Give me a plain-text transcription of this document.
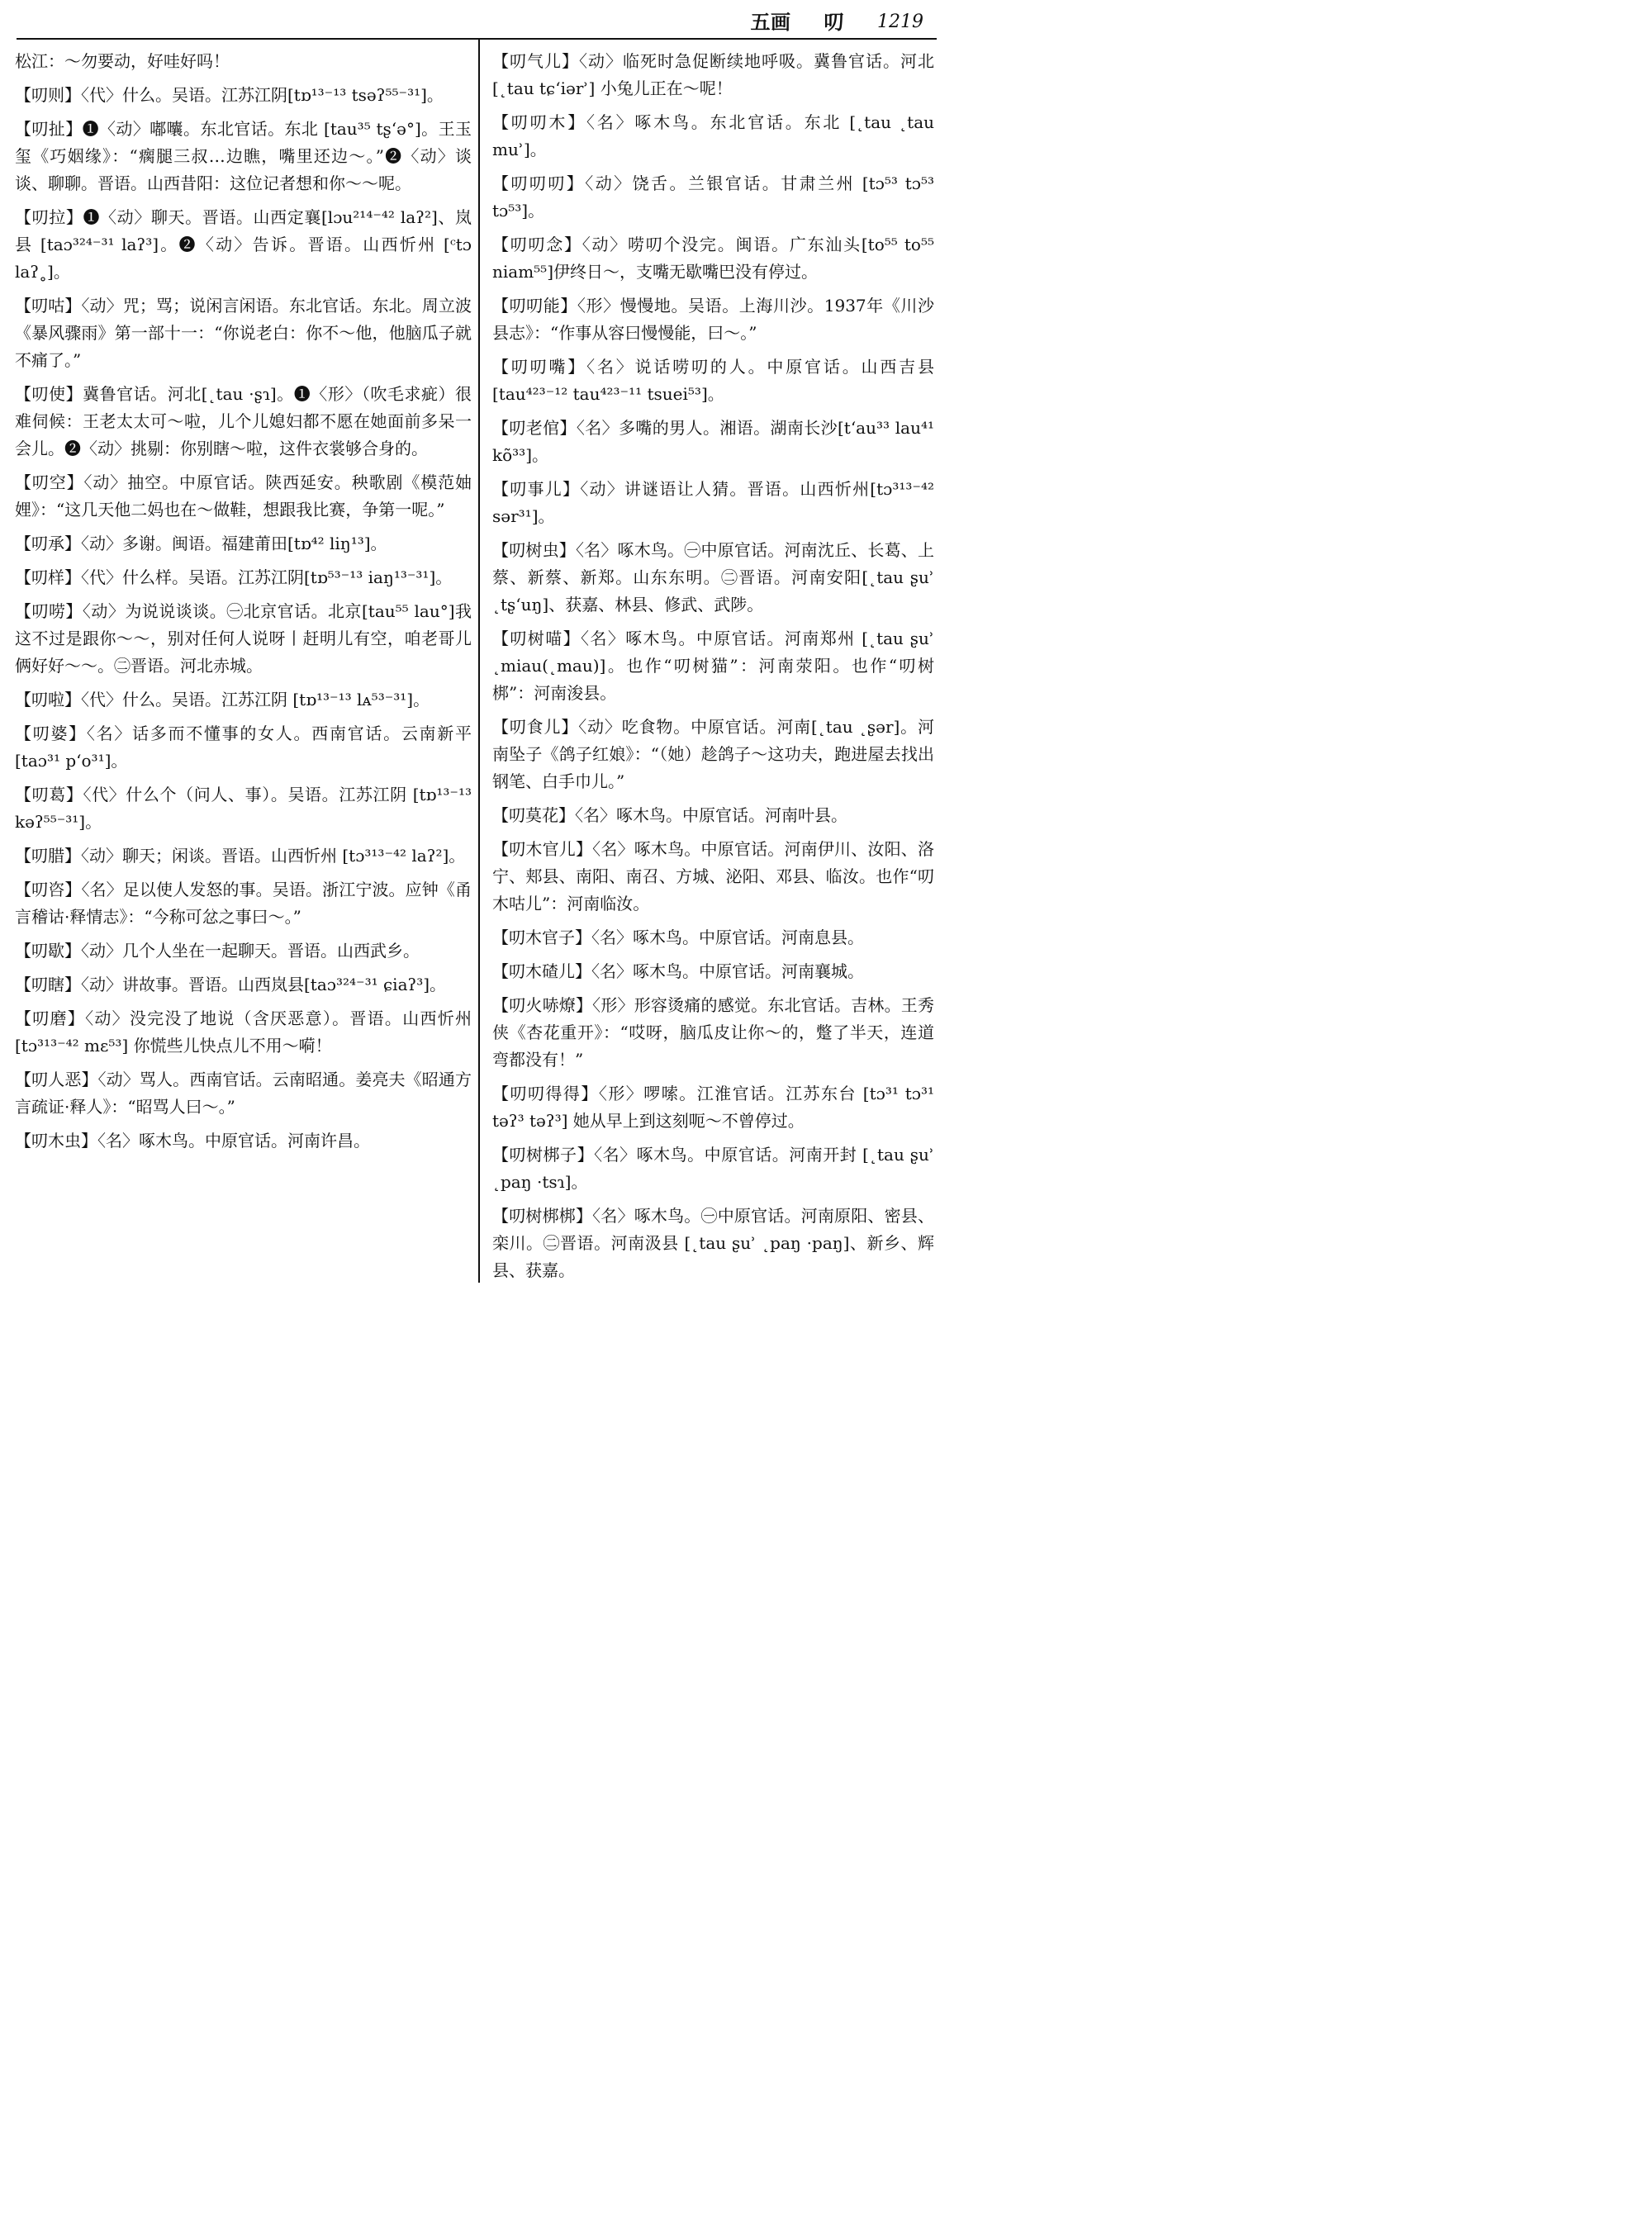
五画 叨 1219

松江：～勿要动，好哇好吗！

【叨则】〈代〉什么。吴语。江苏江阴[tɒ¹³⁻¹³ tsəʔ⁵⁵⁻³¹]。

【叨扯】❶〈动〉嘟囔。东北官话。东北 [tau³⁵ tʂ‘ə°]。王玉玺《巧姻缘》：“瘸腿三叔…边瞧，嘴里还边～。”❷〈动〉谈谈、聊聊。晋语。山西昔阳：这位记者想和你～～呢。

【叨拉】❶〈动〉聊天。晋语。山西定襄[lɔu²¹⁴⁻⁴² laʔ²]、岚县 [taɔ³²⁴⁻³¹ laʔ³]。❷〈动〉告诉。晋语。山西忻州 [ᶜtɔ laʔ˳]。

【叨咕】〈动〉咒；骂；说闲言闲语。东北官话。东北。周立波《暴风骤雨》第一部十一：“你说老白：你不～他，他脑瓜子就不痛了。”

【叨使】冀鲁官话。河北[˛tau ·ʂɿ]。❶〈形〉（吹毛求疵）很难伺候：王老太太可～啦，儿个儿媳妇都不愿在她面前多呆一会儿。❷〈动〉挑剔：你别瞎～啦，这件衣裳够合身的。

【叨空】〈动〉抽空。中原官话。陕西延安。秧歌剧《模范妯娌》：“这几天他二妈也在～做鞋，想跟我比赛，争第一呢。”

【叨承】〈动〉多谢。闽语。福建莆田[tɒ⁴² liŋ¹³]。

【叨样】〈代〉什么样。吴语。江苏江阴[tɒ⁵³⁻¹³ iaŋ¹³⁻³¹]。

【叨唠】〈动〉为说说谈谈。㊀北京官话。北京[tau⁵⁵ lau°]我这不过是跟你～～，别对任何人说呀丨赶明儿有空，咱老哥儿俩好好～～。㊁晋语。河北赤城。

【叨啦】〈代〉什么。吴语。江苏江阴 [tɒ¹³⁻¹³ lᴀ⁵³⁻³¹]。

【叨婆】〈名〉话多而不懂事的女人。西南官话。云南新平 [taɔ³¹ p‘o³¹]。

【叨葛】〈代〉什么个（问人、事）。吴语。江苏江阴 [tɒ¹³⁻¹³ kəʔ⁵⁵⁻³¹]。

【叨腊】〈动〉聊天；闲谈。晋语。山西忻州 [tɔ³¹³⁻⁴² laʔ²]。

【叨咨】〈名〉足以使人发怒的事。吴语。浙江宁波。应钟《甬言稽诂·释情志》：“今称可忿之事曰～。”

【叨歇】〈动〉几个人坐在一起聊天。晋语。山西武乡。

【叨瞎】〈动〉讲故事。晋语。山西岚县[taɔ³²⁴⁻³¹ ɕiaʔ³]。

【叨磨】〈动〉没完没了地说（含厌恶意）。晋语。山西忻州[tɔ³¹³⁻⁴² mɛ⁵³] 你慌些儿快点儿不用～嗬！

【叨人恶】〈动〉骂人。西南官话。云南昭通。姜亮夫《昭通方言疏证·释人》：“昭骂人曰～。”

【叨木虫】〈名〉啄木鸟。中原官话。河南许昌。

【叨气儿】〈动〉临死时急促断续地呼吸。冀鲁官话。河北 [˛tau tɕ‘iərʾ] 小兔儿正在～呢！

【叨叨木】〈名〉啄木鸟。东北官话。东北 [˛tau ˛tau muʾ]。

【叨叨叨】〈动〉饶舌。兰银官话。甘肃兰州 [tɔ⁵³ tɔ⁵³ tɔ⁵³]。

【叨叨念】〈动〉唠叨个没完。闽语。广东汕头[to⁵⁵ to⁵⁵ niam⁵⁵]伊终日～，支嘴无歇嘴巴没有停过。

【叨叨能】〈形〉慢慢地。吴语。上海川沙。1937年《川沙县志》：“作事从容曰慢慢能，曰～。”

【叨叨嘴】〈名〉说话唠叨的人。中原官话。山西吉县 [tau⁴²³⁻¹² tau⁴²³⁻¹¹ tsuei⁵³]。

【叨老倌】〈名〉多嘴的男人。湘语。湖南长沙[t‘au³³ lau⁴¹ kõ³³]。

【叨事儿】〈动〉讲谜语让人猜。晋语。山西忻州[tɔ³¹³⁻⁴² sər³¹]。

【叨树虫】〈名〉啄木鸟。㊀中原官话。河南沈丘、长葛、上蔡、新蔡、新郑。山东东明。㊁晋语。河南安阳[˛tau ʂuʾ ˛tʂ‘uŋ]、获嘉、林县、修武、武陟。

【叨树喵】〈名〉啄木鸟。中原官话。河南郑州 [˛tau ʂuʾ ˛miau(˛mau)]。也作“叨树猫”：河南荥阳。也作“叨树梆”：河南浚县。

【叨食儿】〈动〉吃食物。中原官话。河南[˛tau ˛ʂər]。河南坠子《鸽子红娘》：“（她）趁鸽子～这功夫，跑进屋去找出钢笔、白手巾儿。”

【叨莫花】〈名〉啄木鸟。中原官话。河南叶县。

【叨木官儿】〈名〉啄木鸟。中原官话。河南伊川、汝阳、洛宁、郏县、南阳、南召、方城、泌阳、邓县、临汝。也作“叨木咕儿”：河南临汝。

【叨木官子】〈名〉啄木鸟。中原官话。河南息县。

【叨木碴儿】〈名〉啄木鸟。中原官话。河南襄城。

【叨火哧燎】〈形〉形容烫痛的感觉。东北官话。吉林。王秀侠《杏花重开》：“哎呀，脑瓜皮让你～的，蹩了半天，连道弯都没有！”

【叨叨得得】〈形〉啰嗦。江淮官话。江苏东台 [tɔ³¹ tɔ³¹ təʔ³ təʔ³] 她从早上到这刻呃～不曾停过。

【叨树梆子】〈名〉啄木鸟。中原官话。河南开封 [˛tau ʂuʾ ˛paŋ ·tsɿ]。

【叨树梆梆】〈名〉啄木鸟。㊀中原官话。河南原阳、密县、栾川。㊁晋语。河南汲县 [˛tau ʂuʾ ˛paŋ ·paŋ]、新乡、辉县、获嘉。
